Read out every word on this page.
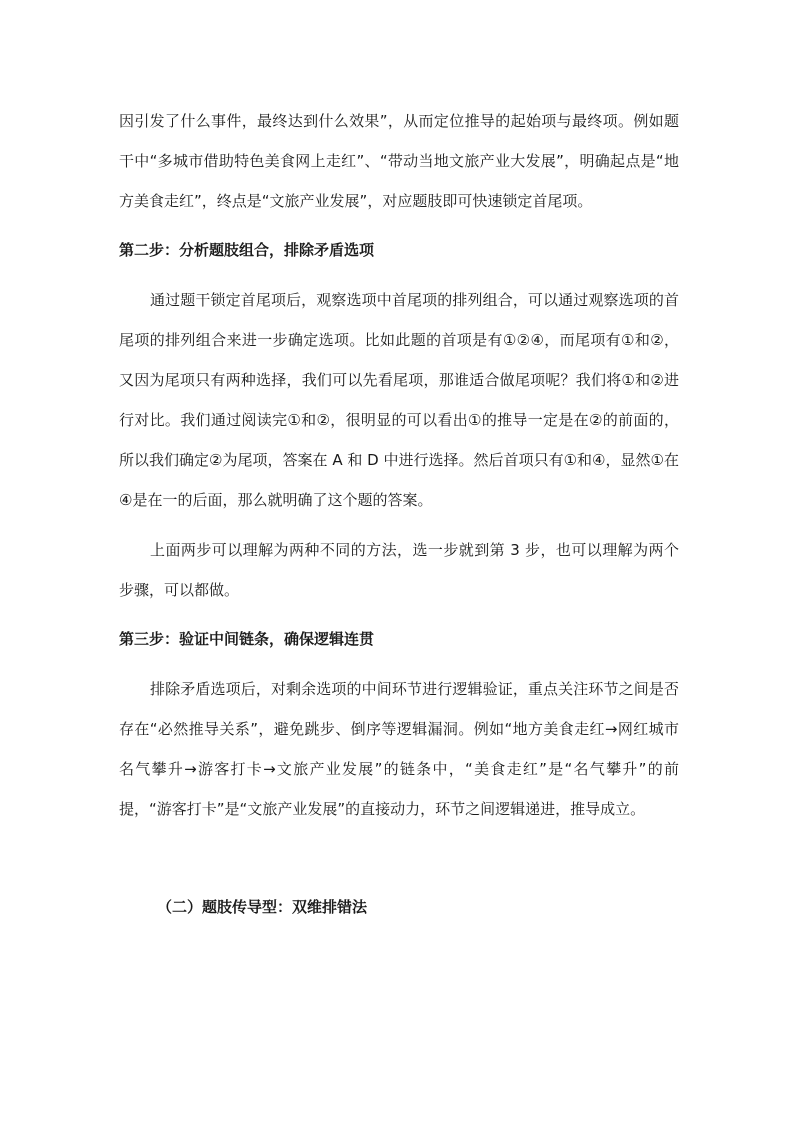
因引发了什么事件，最终达到什么效果”，从而定位推导的起始项与最终项。例如题干中“多城市借助特色美食网上走红”、“带动当地文旅产业大发展”，明确起点是“地方美食走红”，终点是“文旅产业发展”，对应题肢即可快速锁定首尾项。

第二步：分析题肢组合，排除矛盾选项

通过题干锁定首尾项后，观察选项中首尾项的排列组合，可以通过观察选项的首尾项的排列组合来进一步确定选项。比如此题的首项是有①②④，而尾项有①和②，又因为尾项只有两种选择，我们可以先看尾项，那谁适合做尾项呢？我们将①和②进行对比。我们通过阅读完①和②，很明显的可以看出①的推导一定是在②的前面的，所以我们确定②为尾项，答案在 A 和 D 中进行选择。然后首项只有①和④，显然①在④是在一的后面，那么就明确了这个题的答案。

上面两步可以理解为两种不同的方法，选一步就到第 3 步，也可以理解为两个步骤，可以都做。

第三步：验证中间链条，确保逻辑连贯

排除矛盾选项后，对剩余选项的中间环节进行逻辑验证，重点关注环节之间是否存在“必然推导关系”，避免跳步、倒序等逻辑漏洞。例如“地方美食走红→网红城市名气攀升→游客打卡→文旅产业发展”的链条中，“美食走红”是“名气攀升”的前提，“游客打卡”是“文旅产业发展”的直接动力，环节之间逻辑递进，推导成立。

（二）题肢传导型：双维排错法
